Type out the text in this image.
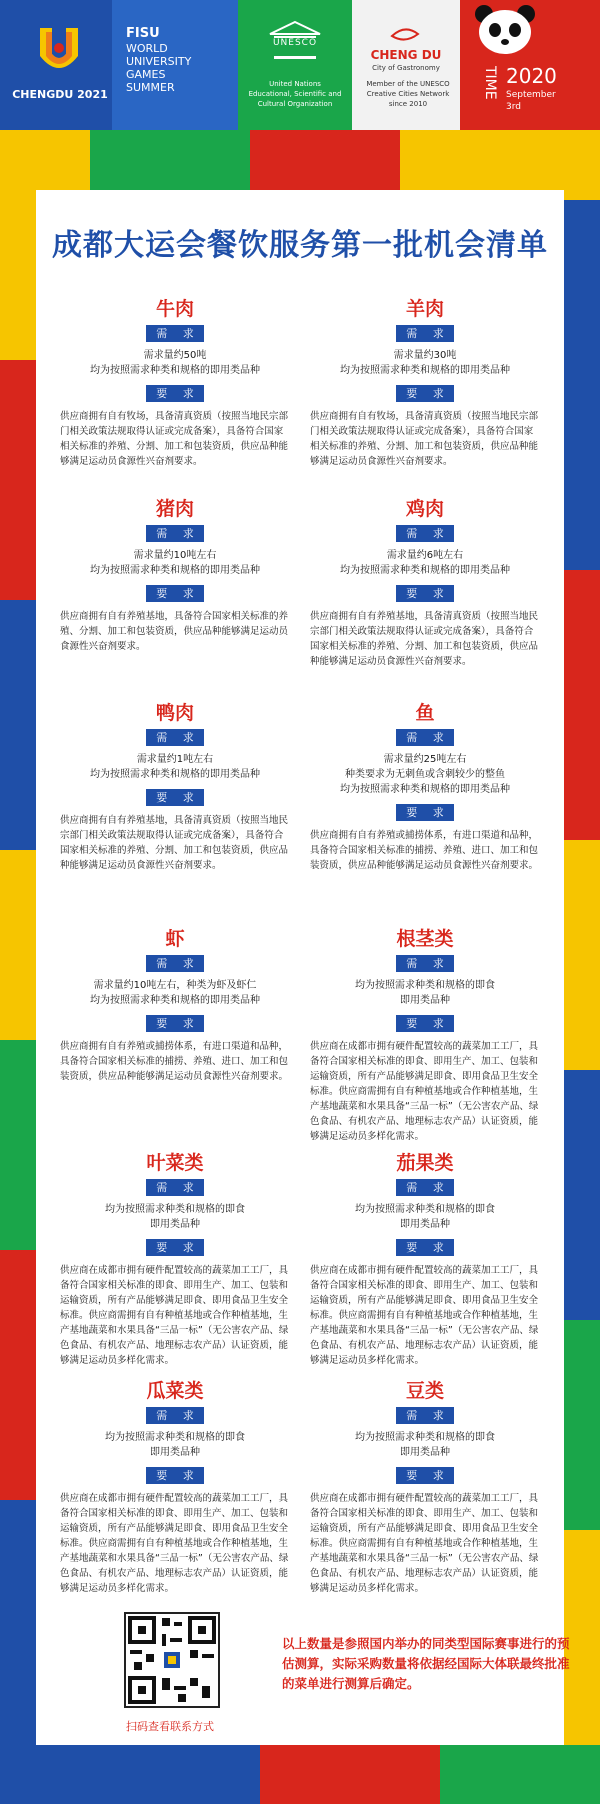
CHENGDU 2021
FISU
WORLD
UNIVERSITY
GAMES
SUMMER
UNESCO
United Nations
Educational, Scientific and
Cultural Organization
CHENG DU
City of Gastronomy
Member of the UNESCO
Creative Cities Network
since 2010
TIME 2020
September
3rd
成都大运会餐饮服务第一批机会清单
牛肉
需 求
需求量约50吨
均为按照需求种类和规格的即用类品种
要 求
供应商拥有自有牧场，具备清真资质（按照当地民宗部门相关政策法规取得认证或完成备案），具备符合国家相关标准的养殖、分割、加工和包装资质，供应品种能够满足运动员食源性兴奋剂要求。
羊肉
需 求
需求量约30吨
均为按照需求种类和规格的即用类品种
要 求
供应商拥有自有牧场，具备清真资质（按照当地民宗部门相关政策法规取得认证或完成备案），具备符合国家相关标准的养殖、分割、加工和包装资质，供应品种能够满足运动员食源性兴奋剂要求。
猪肉
需 求
需求量约10吨左右
均为按照需求种类和规格的即用类品种
要 求
供应商拥有自有养殖基地，具备符合国家相关标准的养殖、分割、加工和包装资质，供应品种能够满足运动员食源性兴奋剂要求。
鸡肉
需 求
需求量约6吨左右
均为按照需求种类和规格的即用类品种
要 求
供应商拥有自有养殖基地，具备清真资质（按照当地民宗部门相关政策法规取得认证或完成备案），具备符合国家相关标准的养殖、分割、加工和包装资质，供应品种能够满足运动员食源性兴奋剂要求。
鸭肉
需 求
需求量约1吨左右
均为按照需求种类和规格的即用类品种
要 求
供应商拥有自有养殖基地，具备清真资质（按照当地民宗部门相关政策法规取得认证或完成备案），具备符合国家相关标准的养殖、分割、加工和包装资质，供应品种能够满足运动员食源性兴奋剂要求。
鱼
需 求
需求量约25吨左右
种类要求为无刺鱼或含刺较少的整鱼
均为按照需求种类和规格的即用类品种
要 求
供应商拥有自有养殖或捕捞体系，有进口渠道和品种，具备符合国家相关标准的捕捞、养殖、进口、加工和包装资质，供应品种能够满足运动员食源性兴奋剂要求。
虾
需 求
需求量约10吨左右，种类为虾及虾仁
均为按照需求种类和规格的即用类品种
要 求
供应商拥有自有养殖或捕捞体系，有进口渠道和品种，具备符合国家相关标准的捕捞、养殖、进口、加工和包装资质，供应品种能够满足运动员食源性兴奋剂要求。
根茎类
需 求
均为按照需求种类和规格的即食
即用类品种
要 求
供应商在成都市拥有硬件配置较高的蔬菜加工工厂，具备符合国家相关标准的即食、即用生产、加工、包装和运输资质，所有产品能够满足即食、即用食品卫生安全标准。供应商需拥有自有种植基地或合作种植基地，生产基地蔬菜和水果具备“三品一标”（无公害农产品、绿色食品、有机农产品、地理标志农产品）认证资质，能够满足运动员多样化需求。
叶菜类
需 求
均为按照需求种类和规格的即食
即用类品种
要 求
供应商在成都市拥有硬件配置较高的蔬菜加工工厂，具备符合国家相关标准的即食、即用生产、加工、包装和运输资质，所有产品能够满足即食、即用食品卫生安全标准。供应商需拥有自有种植基地或合作种植基地，生产基地蔬菜和水果具备“三品一标”（无公害农产品、绿色食品、有机农产品、地理标志农产品）认证资质，能够满足运动员多样化需求。
茄果类
需 求
均为按照需求种类和规格的即食
即用类品种
要 求
供应商在成都市拥有硬件配置较高的蔬菜加工工厂，具备符合国家相关标准的即食、即用生产、加工、包装和运输资质，所有产品能够满足即食、即用食品卫生安全标准。供应商需拥有自有种植基地或合作种植基地，生产基地蔬菜和水果具备“三品一标”（无公害农产品、绿色食品、有机农产品、地理标志农产品）认证资质，能够满足运动员多样化需求。
瓜菜类
需 求
均为按照需求种类和规格的即食
即用类品种
要 求
供应商在成都市拥有硬件配置较高的蔬菜加工工厂，具备符合国家相关标准的即食、即用生产、加工、包装和运输资质，所有产品能够满足即食、即用食品卫生安全标准。供应商需拥有自有种植基地或合作种植基地，生产基地蔬菜和水果具备“三品一标”（无公害农产品、绿色食品、有机农产品、地理标志农产品）认证资质，能够满足运动员多样化需求。
豆类
需 求
均为按照需求种类和规格的即食
即用类品种
要 求
供应商在成都市拥有硬件配置较高的蔬菜加工工厂，具备符合国家相关标准的即食、即用生产、加工、包装和运输资质，所有产品能够满足即食、即用食品卫生安全标准。供应商需拥有自有种植基地或合作种植基地，生产基地蔬菜和水果具备“三品一标”（无公害农产品、绿色食品、有机农产品、地理标志农产品）认证资质，能够满足运动员多样化需求。
扫码查看联系方式
以上数量是参照国内举办的同类型国际赛事进行的预估测算，实际采购数量将依据经国际大体联最终批准的菜单进行测算后确定。
